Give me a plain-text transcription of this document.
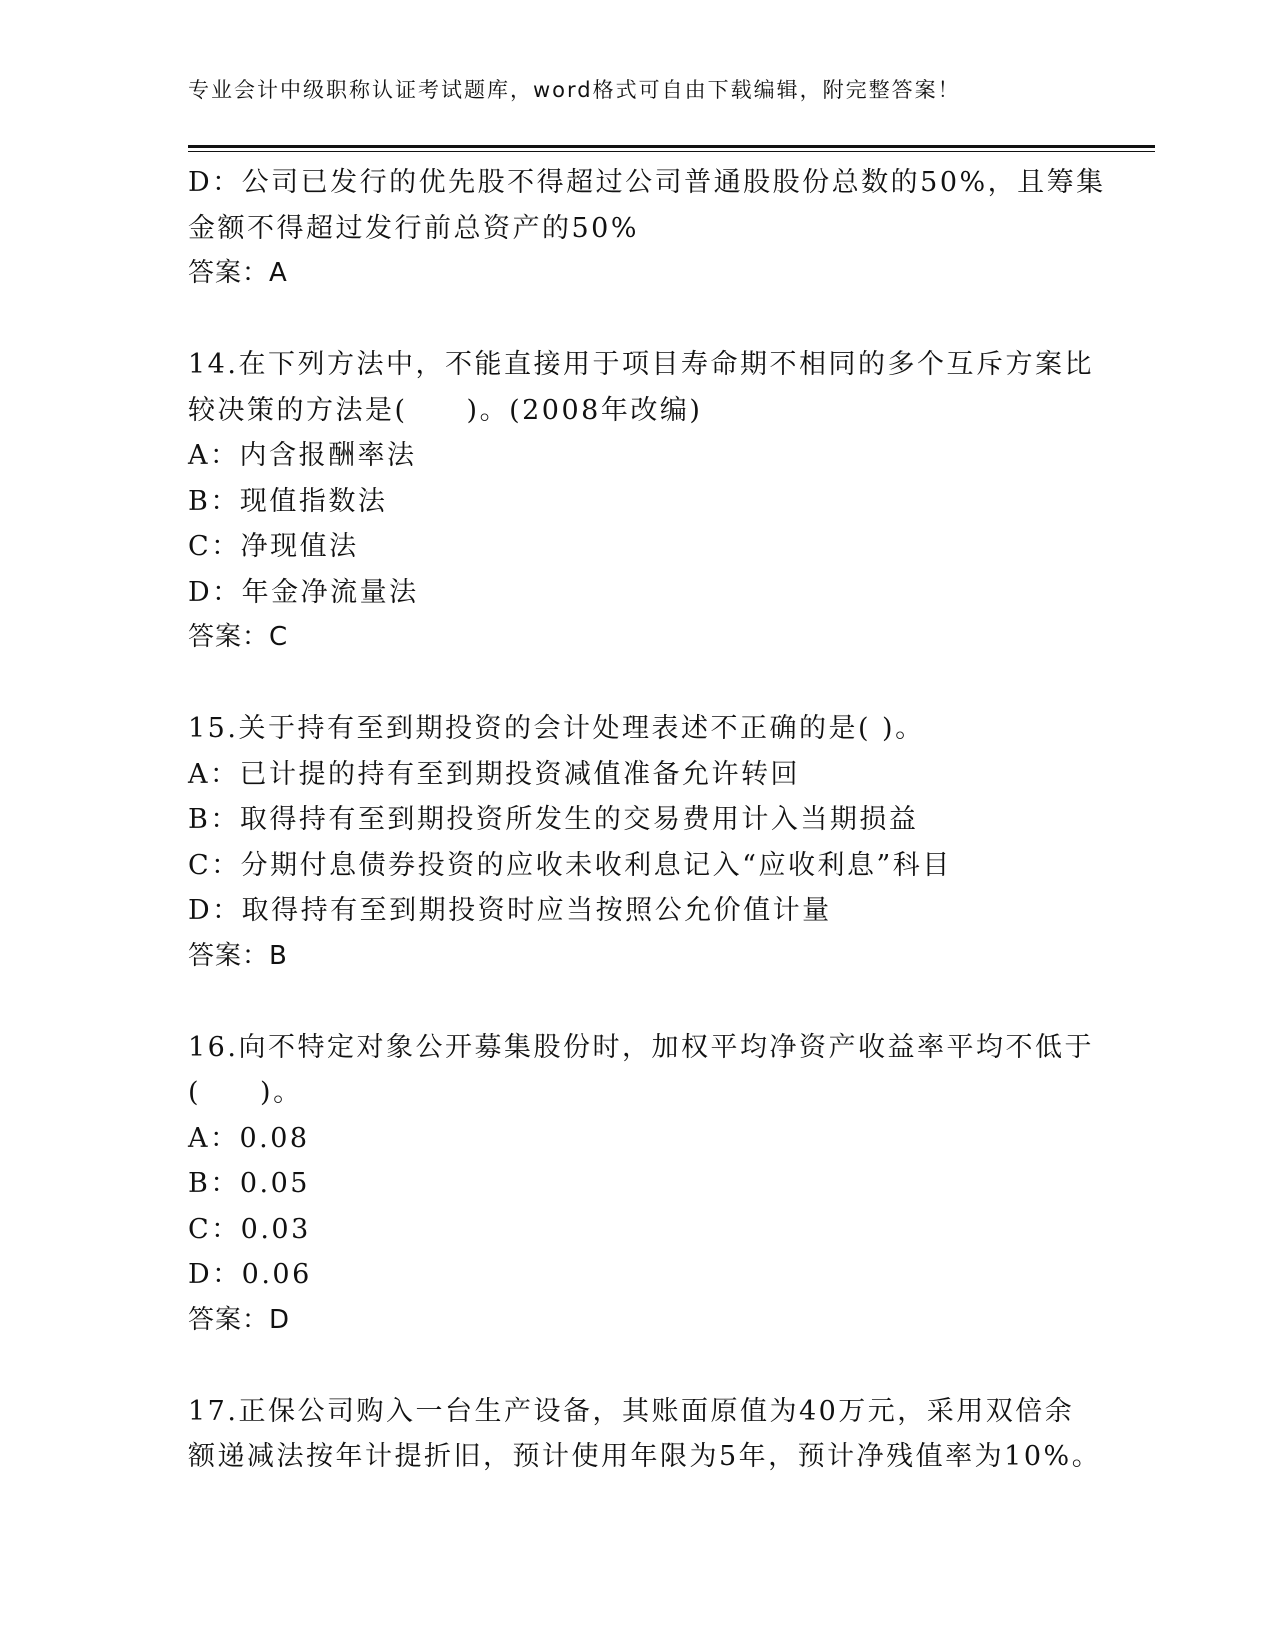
专业会计中级职称认证考试题库，word格式可自由下载编辑，附完整答案！
D：公司已发行的优先股不得超过公司普通股股份总数的50%，且筹集
金额不得超过发行前总资产的50%
答案：A
14.在下列方法中，不能直接用于项目寿命期不相同的多个互斥方案比
较决策的方法是(　　)。(2008年改编)
A：内含报酬率法
B：现值指数法
C：净现值法
D：年金净流量法
答案：C
15.关于持有至到期投资的会计处理表述不正确的是( )。
A：已计提的持有至到期投资减值准备允许转回
B：取得持有至到期投资所发生的交易费用计入当期损益
C：分期付息债券投资的应收未收利息记入“应收利息”科目
D：取得持有至到期投资时应当按照公允价值计量
答案：B
16.向不特定对象公开募集股份时，加权平均净资产收益率平均不低于
(　　)。
A：0.08
B：0.05
C：0.03
D：0.06
答案：D
17.正保公司购入一台生产设备，其账面原值为40万元，采用双倍余
额递减法按年计提折旧，预计使用年限为5年，预计净残值率为10%。
